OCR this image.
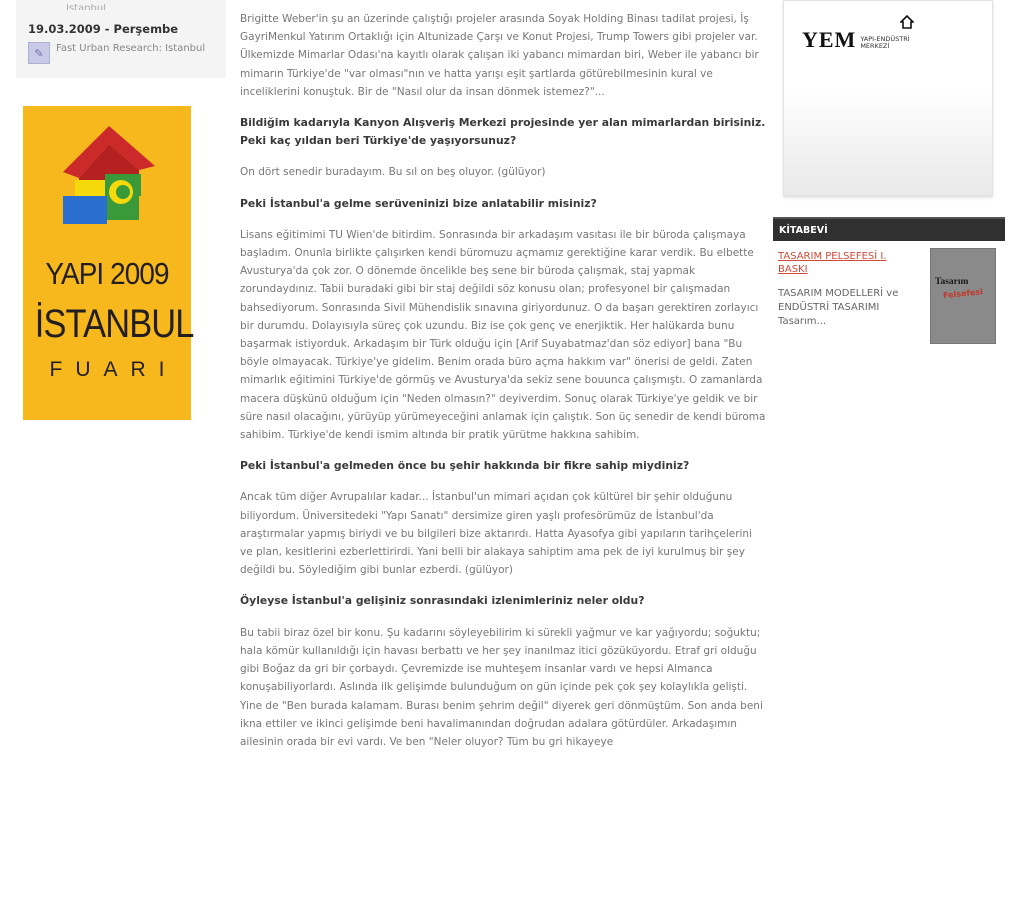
Istanbul
19.03.2009 - Perşembe
✎	Fast Urban Research: Istanbul
YAPI 2009
İSTANBUL
FUARI

Brigitte Weber'in şu an üzerinde çalıştığı projeler arasında Soyak Holding Binası tadilat projesi, İş GayriMenkul Yatırım Ortaklığı için Altunizade Çarşı ve Konut Projesi, Trump Towers gibi projeler var. Ülkemizde Mimarlar Odası'na kayıtlı olarak çalışan iki yabancı mimardan biri, Weber ile yabancı bir mimarın Türkiye'de "var olması"nın ve hatta yarışı eşit şartlarda götürebilmesinin kural ve inceliklerini konuştuk. Bir de "Nasıl olur da insan dönmek istemez?"...

Bildiğim kadarıyla Kanyon Alışveriş Merkezi projesinde yer alan mimarlardan birisiniz. Peki kaç yıldan beri Türkiye'de yaşıyorsunuz?

On dört senedir buradayım. Bu sıl on beş oluyor. (gülüyor)

Peki İstanbul'a gelme serüveninizi bize anlatabilir misiniz?

Lisans eğitimimi TU Wien'de bitirdim. Sonrasında bir arkadaşım vasıtası ile bir büroda çalışmaya başladım. Onunla birlikte çalışırken kendi büromuzu açmamız gerektiğine karar verdik. Bu elbette Avusturya'da çok zor. O dönemde öncelikle beş sene bir büroda çalışmak, staj yapmak zorundaydınız. Tabii buradaki gibi bir staj değildi söz konusu olan; profesyonel bir çalışmadan bahsediyorum. Sonrasında Sivil Mühendislik sınavına giriyordunuz. O da başarı gerektiren zorlayıcı bir durumdu. Dolayısıyla süreç çok uzundu. Biz ise çok genç ve enerjiktik. Her halükarda bunu başarmak istiyorduk. Arkadaşım bir Türk olduğu için [Arif Suyabatmaz'dan söz ediyor] bana "Bu böyle olmayacak. Türkiye'ye gidelim. Benim orada büro açma hakkım var" önerisi de geldi. Zaten mimarlık eğitimini Türkiye'de görmüş ve Avusturya'da sekiz sene bouunca çalışmıştı. O zamanlarda macera düşkünü olduğum için "Neden olmasın?" deyiverdim. Sonuç olarak Türkiye'ye geldik ve bir süre nasıl olacağını, yürüyüp yürümeyeceğini anlamak için çalıştık. Son üç senedir de kendi büroma sahibim. Türkiye'de kendi ismim altında bir pratik yürütme hakkına sahibim.

Peki İstanbul'a gelmeden önce bu şehir hakkında bir fikre sahip miydiniz?

Ancak tüm diğer Avrupalılar kadar... İstanbul'un mimari açıdan çok kültürel bir şehir olduğunu biliyordum. Üniversitedeki "Yapı Sanatı" dersimize giren yaşlı profesörümüz de İstanbul'da araştırmalar yapmış biriydi ve bu bilgileri bize aktarırdı. Hatta Ayasofya gibi yapıların tarihçelerini ve plan, kesitlerini ezberlettirirdi. Yani belli bir alakaya sahiptim ama pek de iyi kurulmuş bir şey değildi bu. Söylediğim gibi bunlar ezberdi. (gülüyor)

Öyleyse İstanbul'a gelişiniz sonrasındaki izlenimleriniz neler oldu?

Bu tabii biraz özel bir konu. Şu kadarını söyleyebilirim ki sürekli yağmur ve kar yağıyordu; soğuktu; hala kömür kullanıldığı için havası berbattı ve her şey inanılmaz itici gözüküyordu. Etraf gri olduğu gibi Boğaz da gri bir çorbaydı. Çevremizde ise muhteşem insanlar vardı ve hepsi Almanca konuşabiliyorlardı. Aslında ilk gelişimde bulunduğum on gün içinde pek çok şey kolaylıkla gelişti. Yine de "Ben burada kalamam. Burası benim şehrim değil" diyerek geri dönmüştüm. Son anda beni ikna ettiler ve ikinci gelişimde beni havalimanından doğrudan adalara götürdüler. Arkadaşımın ailesinin orada bir evi vardı. Ve ben "Neler oluyor? Tüm bu gri hikayeye

YEM YAPI-ENDÜSTRİ
MERKEZİ
KİTABEVİ
TASARIM PELSEFESİ I. BASKI
TASARIM MODELLERİ ve ENDÜSTRİ TASARIMI Tasarım...
Tasarım
Felsefesi
